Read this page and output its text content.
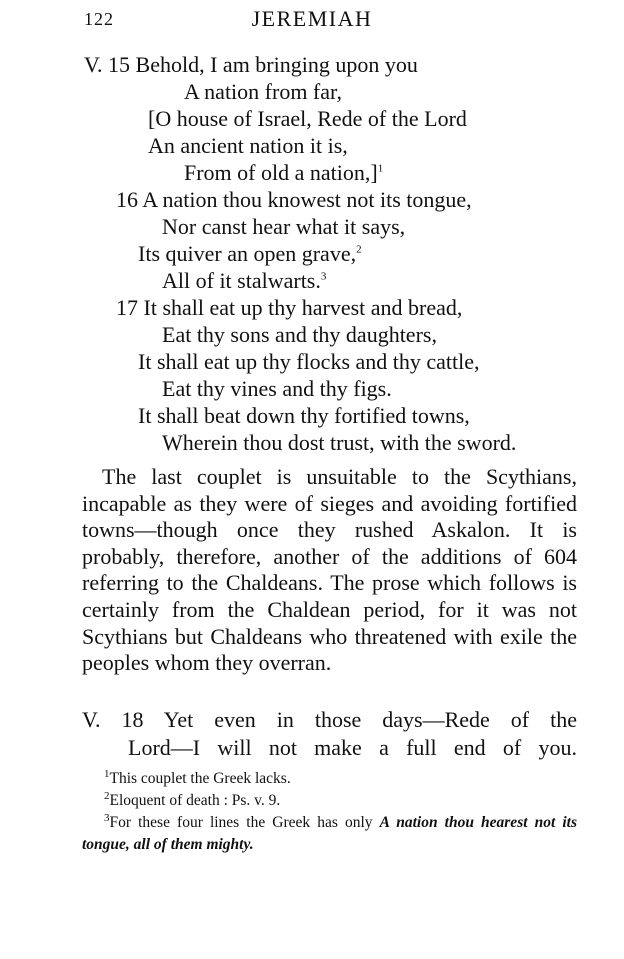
122	JEREMIAH
V. 15 Behold, I am bringing upon you
A nation from far,
[O house of Israel, Rede of the Lord
An ancient nation it is,
From of old a nation,]$^1$
16 A nation thou knowest not its tongue,
Nor canst hear what it says,
Its quiver an open grave,$^2$
All of it stalwarts.$^3$
17 It shall eat up thy harvest and bread,
Eat thy sons and thy daughters,
It shall eat up thy flocks and thy cattle,
Eat thy vines and thy figs.
It shall beat down thy fortified towns,
Wherein thou dost trust, with the sword.

The last couplet is unsuitable to the Scythians, incapable as they were of sieges and avoiding fortified towns—though once they rushed Askalon. It is probably, therefore, another of the additions of 604 referring to the Chaldeans. The prose which follows is certainly from the Chaldean period, for it was not Scythians but Chaldeans who threatened with exile the peoples whom they overran.

V. 18 Yet even in those days—Rede of the
Lord—I will not make a full end of you.
$^1$This couplet the Greek lacks.
$^2$Eloquent of death : Ps. v. 9.
$^3$For these four lines the Greek has only A nation thou hearest not its tongue, all of them mighty.
